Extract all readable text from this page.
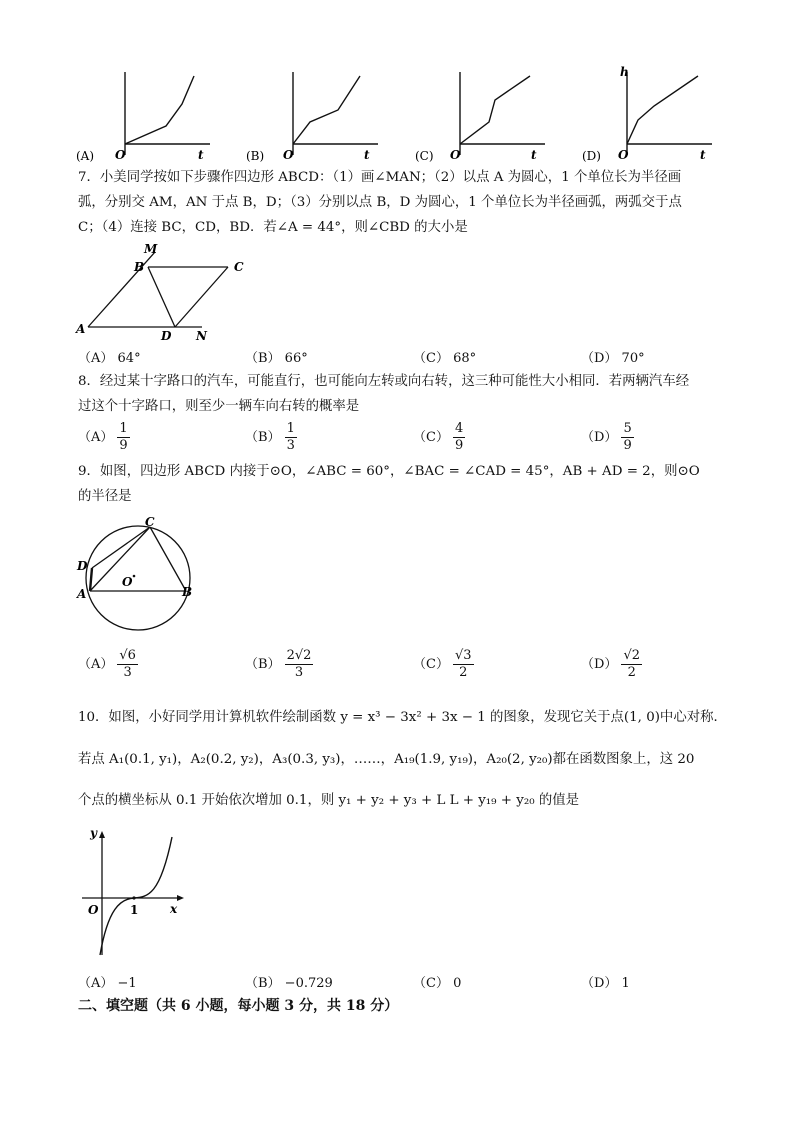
(A) O	t	(B) O	t	(C) O	t	(D)
h
O	t
7．小美同学按如下步骤作四边形 ABCD：（1）画∠MAN；（2）以点 A 为圆心，1 个单位长为半径画
弧，分别交 AM，AN 于点 B，D；（3）分别以点 B，D 为圆心，1 个单位长为半径画弧，两弧交于点
C；（4）连接 BC，CD，BD．若∠A = 44°，则∠CBD 的大小是
M
B	C
A	D N
（A） 64°	（B） 66°	（C） 68°	（D） 70°
8．经过某十字路口的汽车，可能直行，也可能向左转或向右转，这三种可能性大小相同．若两辆汽车经
过这个十字路口，则至少一辆车向右转的概率是
$(A) \frac{1}{9}$	$(B) \frac{1}{3}$	$(C) \frac{4}{9}$	$(D) \frac{5}{9}$
9．如图，四边形 ABCD 内接于⊙O，∠ABC = 60°，∠BAC = ∠CAD = 45°，AB + AD = 2，则⊙O
的半径是
C
D
O
A	B
$(A) \frac{√6}{3}$	$(B) \frac{2√2}{3}$	$(C) \frac{√3}{2}$	$(D) \frac{√2}{2}$
10．如图，小好同学用计算机软件绘制函数 y = x³ − 3x² + 3x − 1 的图象，发现它关于点(1, 0)中心对称．
若点 A₁(0.1, y₁)，A₂(0.2, y₂)，A₃(0.3, y₃)，……，A₁₉(1.9, y₁₉)，A₂₀(2, y₂₀)都在函数图象上，这 20
个点的横坐标从 0.1 开始依次增加 0.1，则 y₁ + y₂ + y₃ + L L + y₁₉ + y₂₀ 的值是
y
O	1	x
（A） −1	（B） −0.729	（C） 0	（D） 1
二、填空题（共 6 小题，每小题 3 分，共 18 分）
